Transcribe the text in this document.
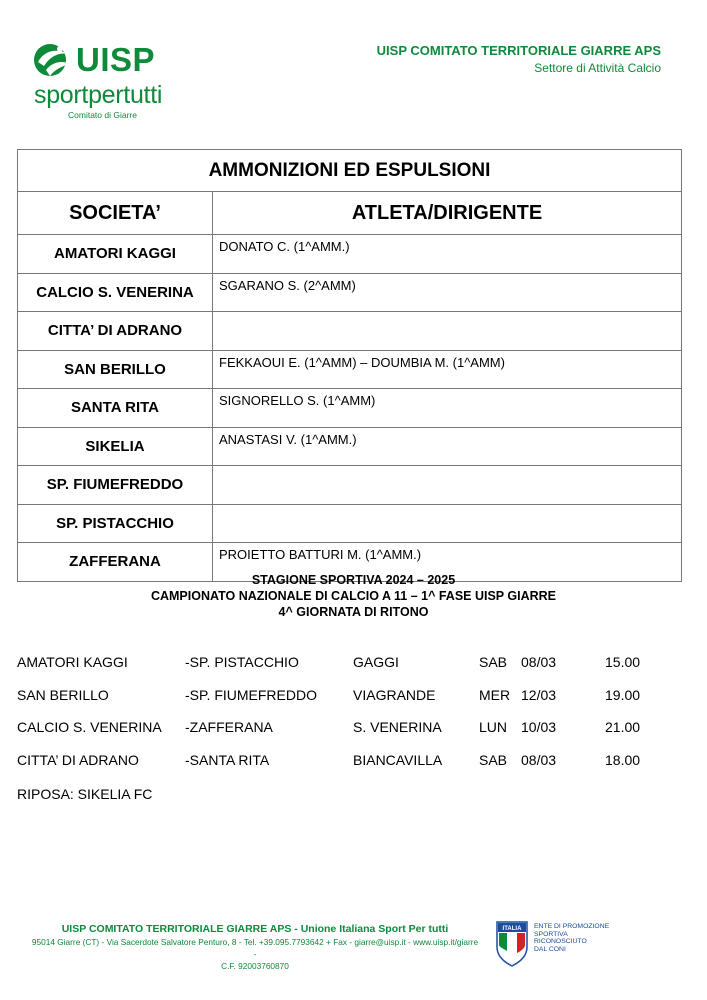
UISP
sportpertutti
Comitato di Giarre
UISP COMITATO TERRITORIALE GIARRE APS
Settore di Attività Calcio
AMMONIZIONI ED ESPULSIONI	
SOCIETA’	ATLETA/DIRIGENTE
AMATORI KAGGI	DONATO C. (1^AMM.)
CALCIO S. VENERINA	SGARANO S. (2^AMM)
CITTA’ DI ADRANO	
SAN BERILLO	FEKKAOUI E. (1^AMM) – DOUMBIA M. (1^AMM)
SANTA RITA	SIGNORELLO S. (1^AMM)
SIKELIA	ANASTASI V. (1^AMM.)
SP. FIUMEFREDDO	
SP. PISTACCHIO	
ZAFFERANA	PROIETTO BATTURI M. (1^AMM.)
STAGIONE SPORTIVA 2024 – 2025
CAMPIONATO NAZIONALE DI CALCIO A 11 – 1^ FASE UISP GIARRE
4^ GIORNATA DI RITONO
AMATORI KAGGI	-SP. PISTACCHIO	GAGGI	SAB 08/03	15.00
SAN BERILLO	-SP. FIUMEFREDDO	VIAGRANDE	MER 12/03	19.00
CALCIO S. VENERINA -ZAFFERANA	S. VENERINA	LUN 10/03	21.00
CITTA’ DI ADRANO	-SANTA RITA	BIANCAVILLA	SAB 08/03	18.00
RIPOSA: SIKELIA FC
UISP COMITATO TERRITORIALE GIARRE APS - Unione Italiana Sport Per tutti
95014 Giarre (CT) - Via Sacerdote Salvatore Penturo, 8 - Tel. +39.095.7793642 + Fax - giarre@uisp.it - www.uisp.it/giarre -
C.F. 92003760870
ITALIA ENTE DI PROMOZIONE
SPORTIVA
RICONOSCIUTO
DAL CONI
